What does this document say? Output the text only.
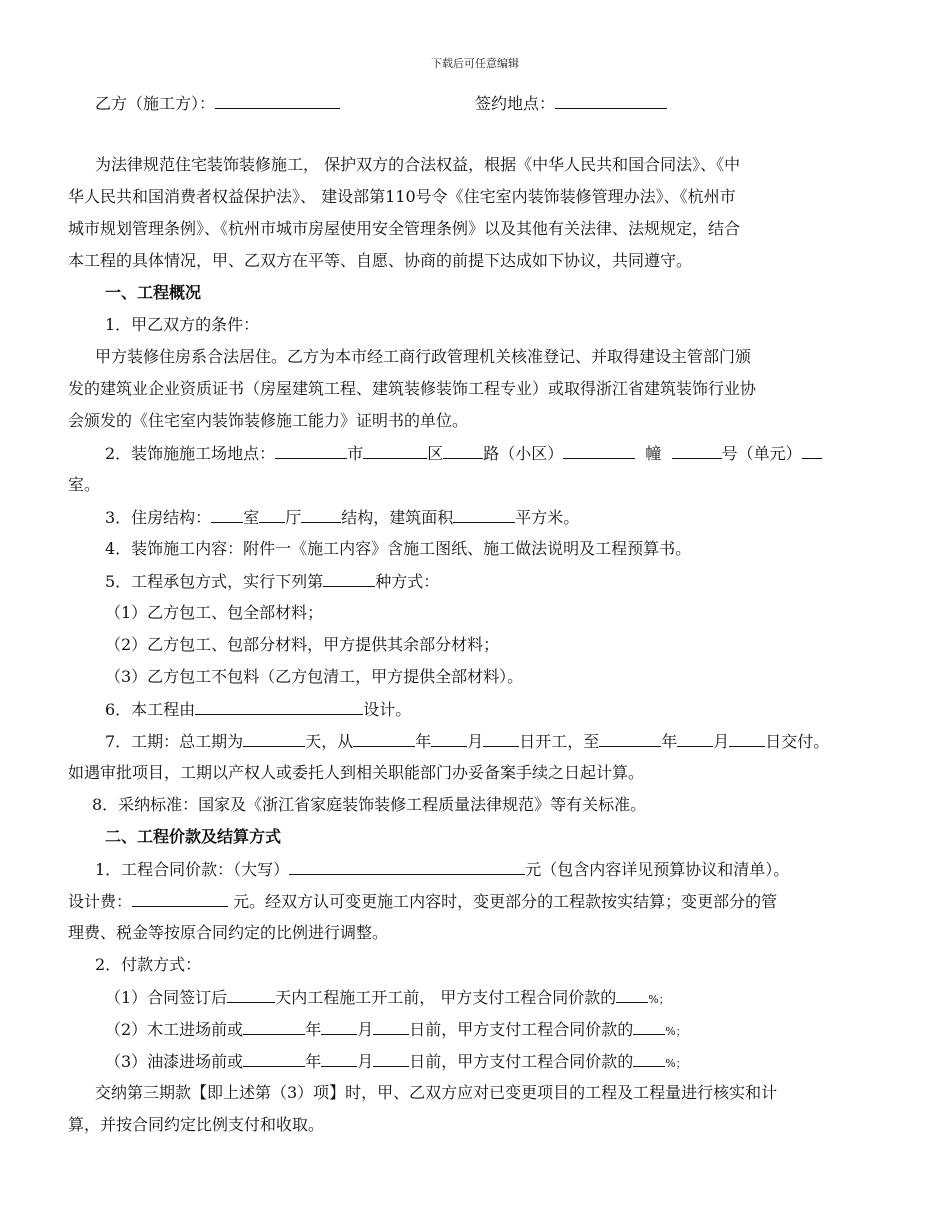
下载后可任意编辑
乙方（施工方）：	签约地点：
为法律规范住宅装饰装修施工， 保护双方的合法权益，根据《中华人民共和国合同法》、《中
华人民共和国消费者权益保护法》、 建设部第110号令《住宅室内装饰装修管理办法》、《杭州市
城市规划管理条例》、《杭州市城市房屋使用安全管理条例》以及其他有关法律、法规规定，结合
本工程的具体情况，甲、乙双方在平等、自愿、协商的前提下达成如下协议，共同遵守。
一、工程概况
1．甲乙双方的条件：
甲方装修住房系合法居住。乙方为本市经工商行政管理机关核准登记、并取得建设主管部门颁
发的建筑业企业资质证书（房屋建筑工程、建筑装修装饰工程专业）或取得浙江省建筑装饰行业协
会颁发的《住宅室内装饰装修施工能力》证明书的单位。
2．装饰施施工场地点：	市	区	路（小区）	幢	号（单元）
室。
3．住房结构： 室 厅	结构，建筑面积	平方米。
4．装饰施工内容：附件一《施工内容》含施工图纸、施工做法说明及工程预算书。
5．工程承包方式，实行下列第	种方式：
（1）乙方包工、包全部材料；
（2）乙方包工、包部分材料，甲方提供其余部分材料；
（3）乙方包工不包料（乙方包清工，甲方提供全部材料）。
6．本工程由	设计。
7．工期：总工期为	天，从	年 月 日开工，至	年 月 日交付。
如遇审批项目，工期以产权人或委托人到相关职能部门办妥备案手续之日起计算。
8．采纳标准：国家及《浙江省家庭装饰装修工程质量法律规范》等有关标准。
二、工程价款及结算方式
1．工程合同价款：（大写）	元（包含内容详见预算协议和清单）。
设计费：	元。经双方认可变更施工内容时，变更部分的工程款按实结算；变更部分的管
理费、税金等按原合同约定的比例进行调整。
2．付款方式：
（1）合同签订后	天内工程施工开工前， 甲方支付工程合同价款的	%；
（2）木工进场前或	年 月 日前，甲方支付工程合同价款的	%；
（3）油漆进场前或	年 月 日前，甲方支付工程合同价款的	%；
交纳第三期款【即上述第（3）项】时，甲、乙双方应对已变更项目的工程及工程量进行核实和计
算，并按合同约定比例支付和收取。
